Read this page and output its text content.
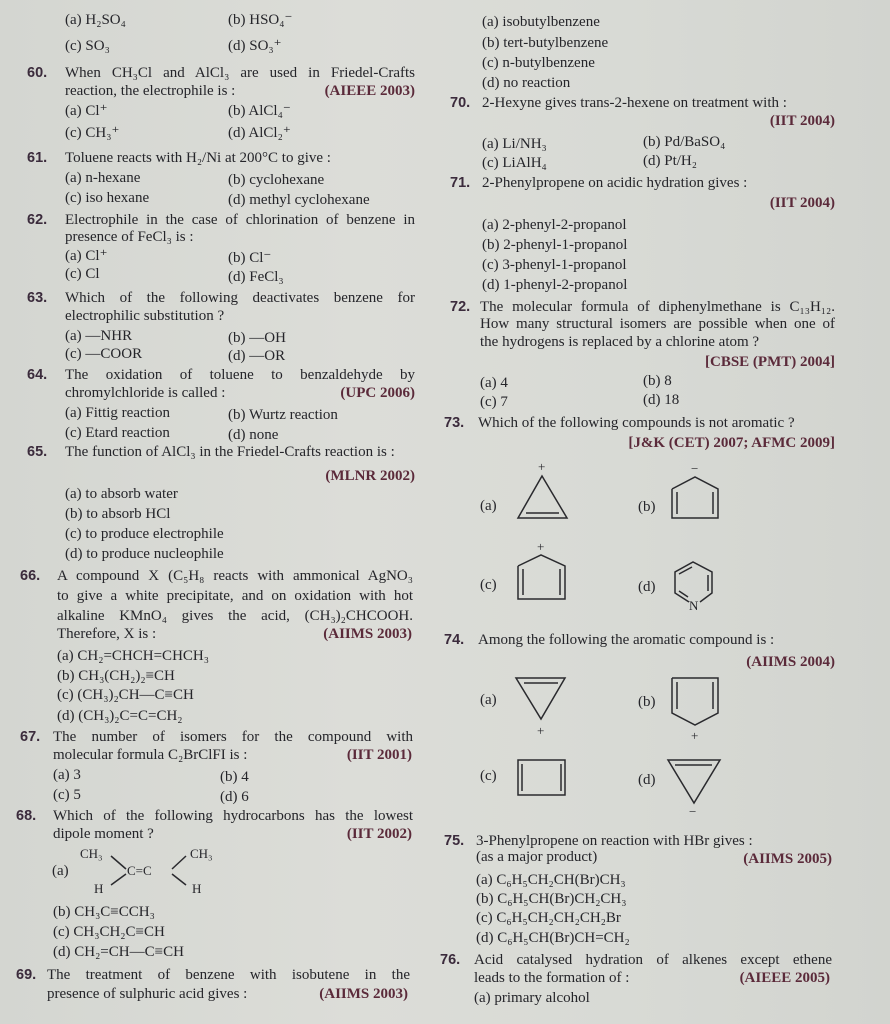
(a) H₂SO₄	(b) HSO₄⁻
(c) SO₃	(d) SO₃⁺
60. When CH₃Cl and AlCl₃ are used in Friedel-Crafts
reaction, the electrophile is :	(AIEEE 2003)
(a) Cl⁺	(b) AlCl₄⁻
(c) CH₃⁺	(d) AlCl₂⁺
61. Toluene reacts with H₂/Ni at 200°C to give :
(a) n-hexane	(b) cyclohexane
(c) iso hexane	(d) methyl cyclohexane
62. Electrophile in the case of chlorination of benzene in
presence of FeCl₃ is :
(a) Cl⁺	(b) Cl⁻
(c) Cl	(d) FeCl₃
63. Which of the following deactivates benzene for
electrophilic substitution ?
(a) —NHR	(b) —OH
(c) —COOR	(d) —OR
64. The oxidation of toluene to benzaldehyde by
chromylchloride is called :	(UPC 2006)
(a) Fittig reaction	(b) Wurtz reaction
(c) Etard reaction	(d) none
65. The function of AlCl₃ in the Friedel-Crafts reaction is :
(MLNR 2002)
(a) to absorb water
(b) to absorb HCl
(c) to produce electrophile
(d) to produce nucleophile
66. A compound X (C₅H₈ reacts with ammonical AgNO₃
to give a white precipitate, and on oxidation with hot
alkaline KMnO₄ gives the acid, (CH₃)₂CHCOOH.
Therefore, X is :	(AIIMS 2003)
(a) CH₂=CHCH=CHCH₃
(b) CH₃(CH₂)₂≡CH
(c) (CH₃)₂CH—C≡CH
(d) (CH₃)₂C=C=CH₂
67. The number of isomers for the compound with
molecular formula C₂BrClFI is :	(IIT 2001)
(a) 3	(b) 4
(c) 5	(d) 6
68. Which of the following hydrocarbons has the lowest
dipole moment ?	(IIT 2002)
(a)
CH₃
H
C=C
CH₃
H
(b) CH₃C≡CCH₃
(c) CH₃CH₂C≡CH
(d) CH₂=CH—C≡CH
69. The treatment of benzene with isobutene in the
presence of sulphuric acid gives :	(AIIMS 2003)
(a) isobutylbenzene
(b) tert-butylbenzene
(c) n-butylbenzene
(d) no reaction
70. 2-Hexyne gives trans-2-hexene on treatment with :
(IIT 2004)
(a) Li/NH₃	(b) Pd/BaSO₄
(c) LiAlH₄	(d) Pt/H₂
71. 2-Phenylpropene on acidic hydration gives :
(IIT 2004)
(a) 2-phenyl-2-propanol
(b) 2-phenyl-1-propanol
(c) 3-phenyl-1-propanol
(d) 1-phenyl-2-propanol
72. The molecular formula of diphenylmethane is C₁₃H₁₂.
How many structural isomers are possible when one of
the hydrogens is replaced by a chlorine atom ?
[CBSE (PMT) 2004]
(a) 4	(b) 8
(c) 7	(d) 18
73. Which of the following compounds is not aromatic ?
[J&K (CET) 2007; AFMC 2009]
(a)	(b)
(c)	(d)
+	−
+
N
74. Among the following the aromatic compound is :
(AIIMS 2004)
(a)	(b)
(c)	(d)
+	+
−
75. 3-Phenylpropene on reaction with HBr gives :
(as a major product)	(AIIMS 2005)
(a) C₆H₅CH₂CH(Br)CH₃
(b) C₆H₅CH(Br)CH₂CH₃
(c) C₆H₅CH₂CH₂CH₂Br
(d) C₆H₅CH(Br)CH=CH₂
76. Acid catalysed hydration of alkenes except ethene
leads to the formation of :	(AIEEE 2005)
(a) primary alcohol
